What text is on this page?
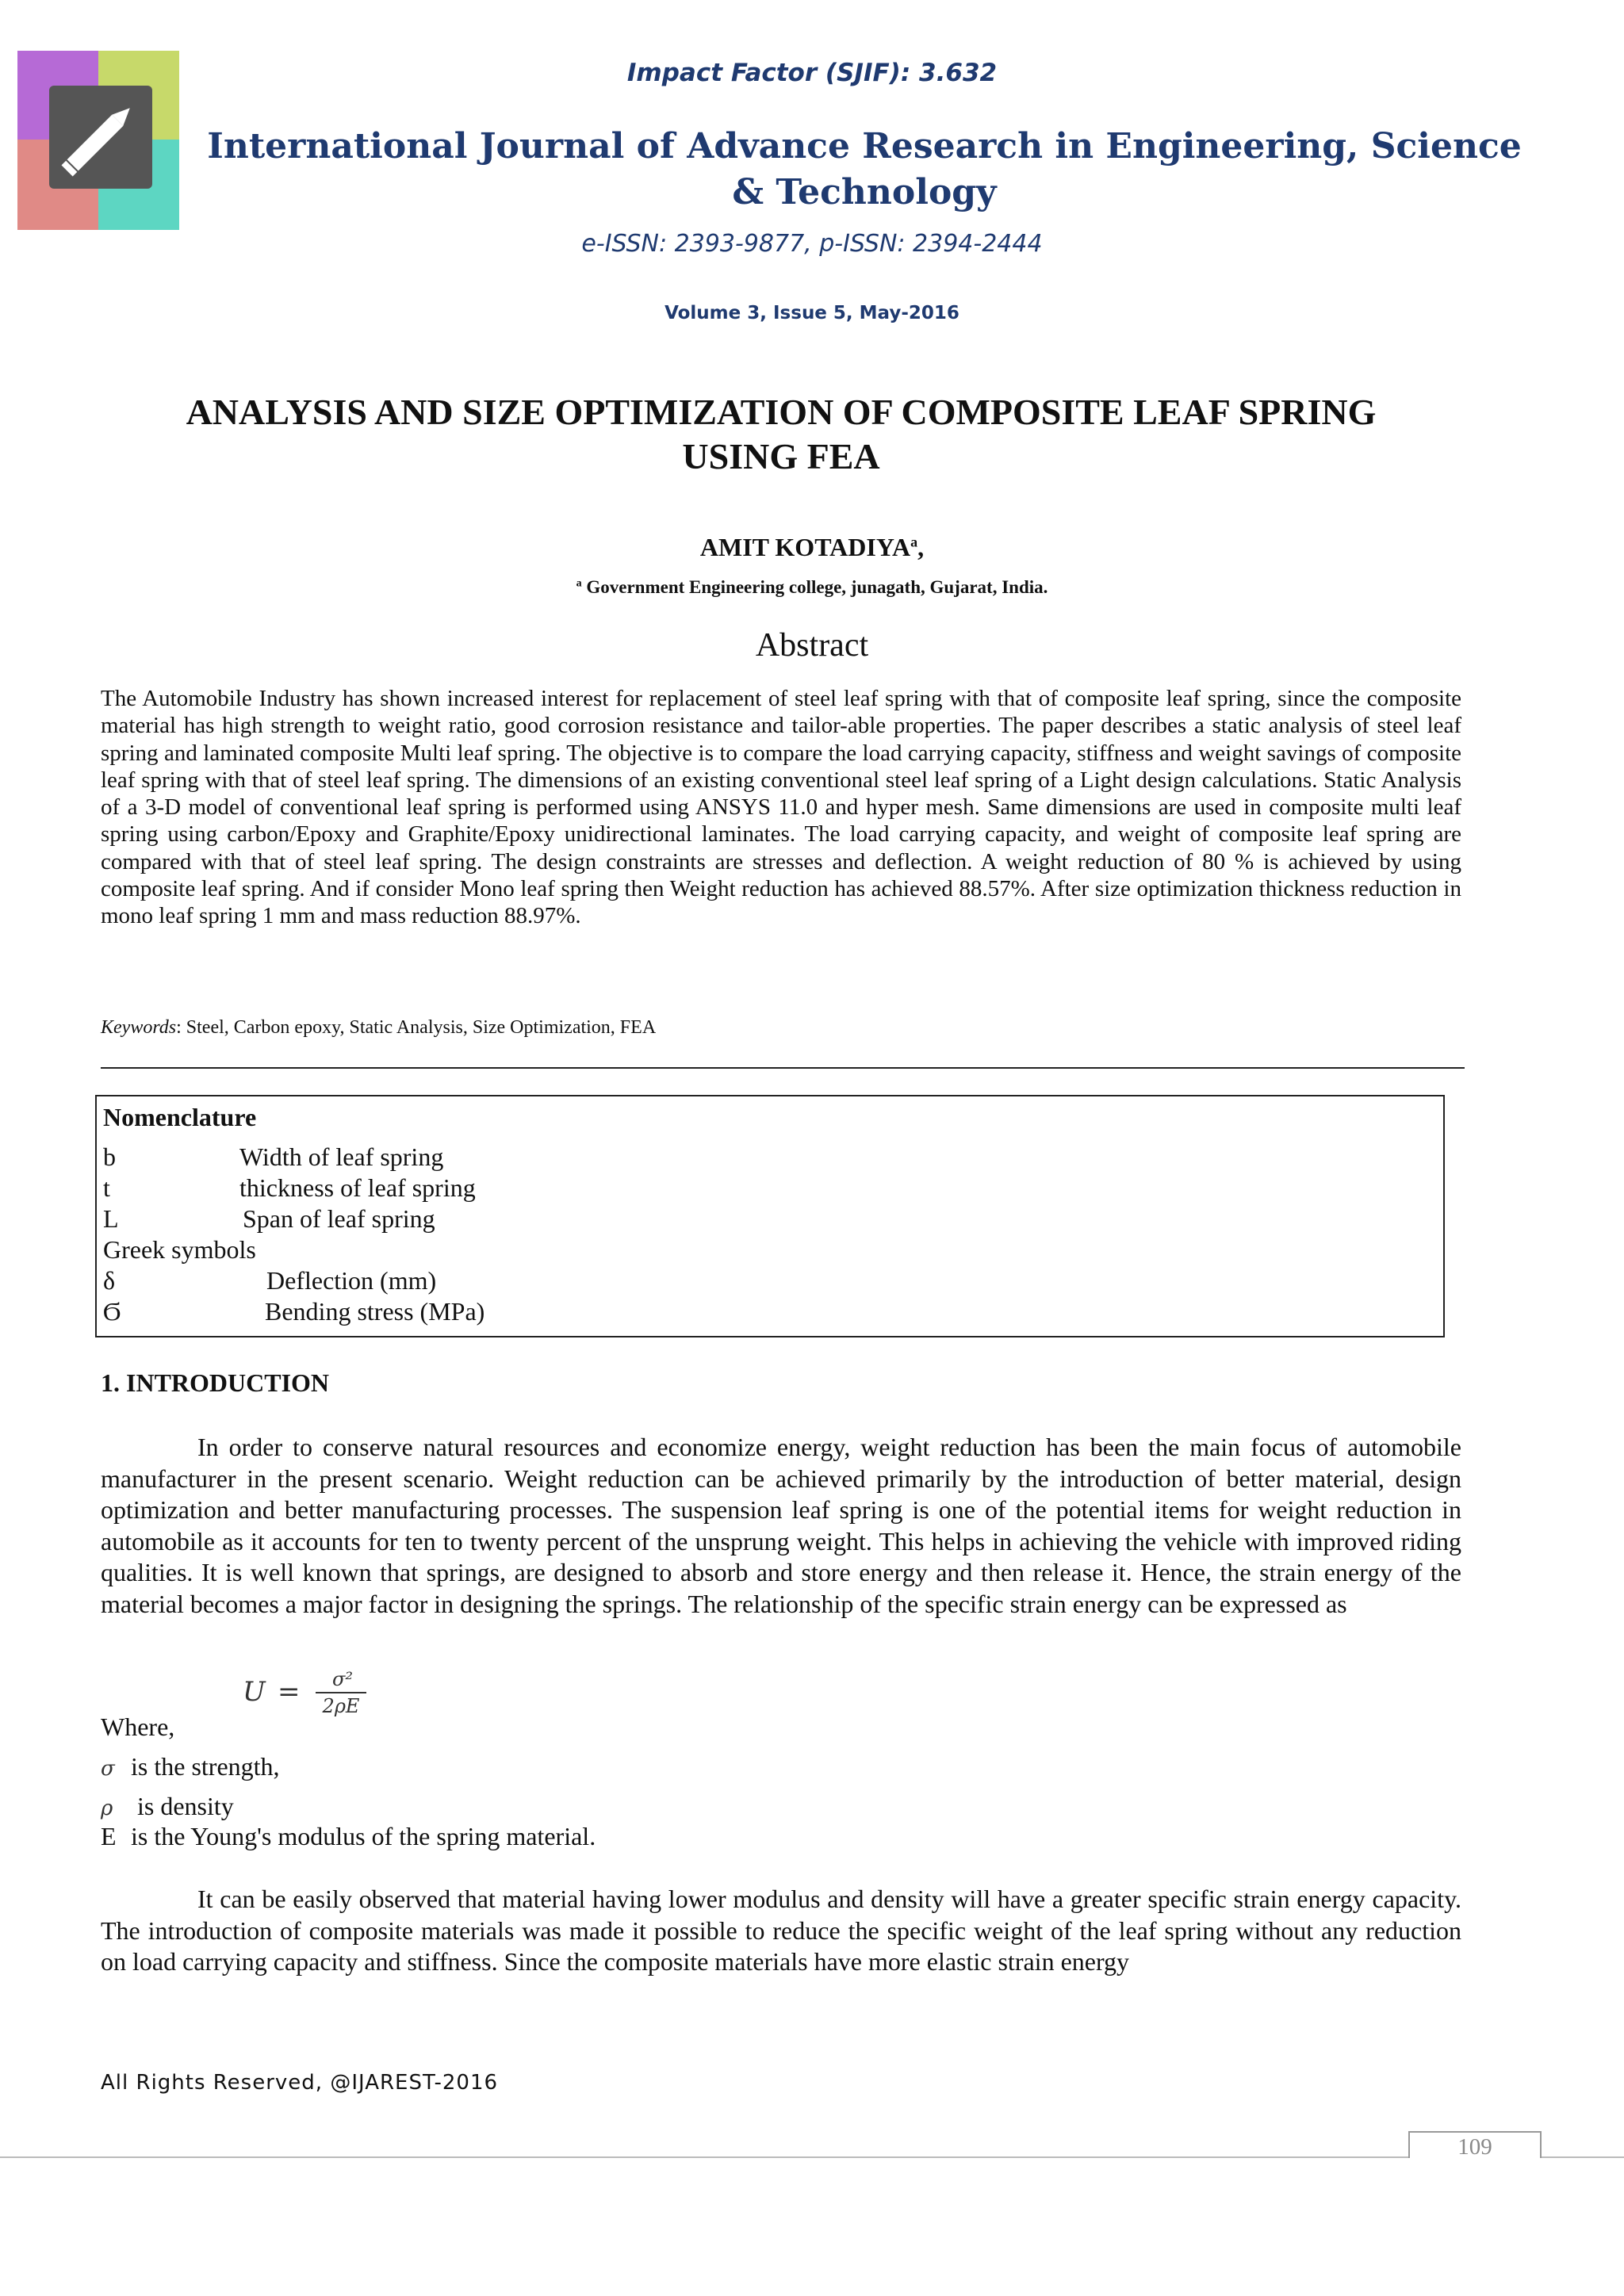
Impact Factor (SJIF): 3.632
International Journal of Advance Research in Engineering, Science & Technology
e-ISSN: 2393-9877, p-ISSN: 2394-2444
Volume 3, Issue 5, May-2016
ANALYSIS AND SIZE OPTIMIZATION OF COMPOSITE LEAF SPRING
USING FEA
AMIT KOTADIYA$^a$,
$^a$ Government Engineering college, junagath, Gujarat, India.
Abstract
The Automobile Industry has shown increased interest for replacement of steel leaf spring with that of composite leaf spring, since the composite material has high strength to weight ratio, good corrosion resistance and tailor-able properties. The paper describes a static analysis of steel leaf spring and laminated composite Multi leaf spring. The objective is to compare the load carrying capacity, stiffness and weight savings of composite leaf spring with that of steel leaf spring. The dimensions of an existing conventional steel leaf spring of a Light design calculations. Static Analysis of a 3-D model of conventional leaf spring is performed using ANSYS 11.0 and hyper mesh. Same dimensions are used in composite multi leaf spring using carbon/Epoxy and Graphite/Epoxy unidirectional laminates. The load carrying capacity, and weight of composite leaf spring are compared with that of steel leaf spring. The design constraints are stresses and deflection. A weight reduction of 80 % is achieved by using composite leaf spring. And if consider Mono leaf spring then Weight reduction has achieved 88.57%. After size optimization thickness reduction in mono leaf spring 1 mm and mass reduction 88.97%.
Keywords: Steel, Carbon epoxy, Static Analysis, Size Optimization, FEA
Nomenclature
b	Width of leaf spring
t	thickness of leaf spring
L	Span of leaf spring
Greek symbols
δ	Deflection (mm)
Ϭ	Bending stress (MPa)
1. INTRODUCTION
In order to conserve natural resources and economize energy, weight reduction has been the main focus of automobile manufacturer in the present scenario. Weight reduction can be achieved primarily by the introduction of better material, design optimization and better manufacturing processes. The suspension leaf spring is one of the potential items for weight reduction in automobile as it accounts for ten to twenty percent of the unsprung weight. This helps in achieving the vehicle with improved riding qualities. It is well known that springs, are designed to absorb and store energy and then release it. Hence, the strain energy of the material becomes a major factor in designing the springs. The relationship of the specific strain energy can be expressed as
U =	σ²
2ρE
Where,
σ is the strength,
ρ is density
E is the Young's modulus of the spring material.
It can be easily observed that material having lower modulus and density will have a greater specific strain energy capacity. The introduction of composite materials was made it possible to reduce the specific weight of the leaf spring without any reduction on load carrying capacity and stiffness. Since the composite materials have more elastic strain energy
All Rights Reserved, @IJAREST-2016
109
